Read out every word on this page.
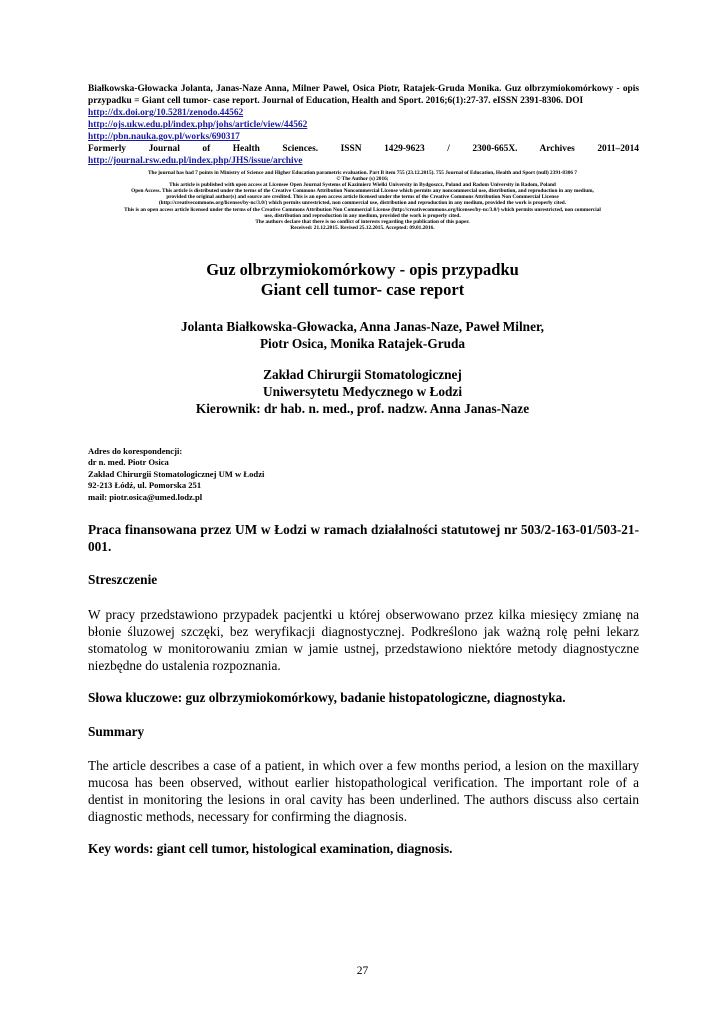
Białkowska-Głowacka Jolanta, Janas-Naze Anna, Milner Paweł, Osica Piotr, Ratajek-Gruda Monika. Guz olbrzymiokomórkowy - opis przypadku = Giant cell tumor- case report. Journal of Education, Health and Sport. 2016;6(1):27-37. eISSN 2391-8306. DOI

http://dx.doi.org/10.5281/zenodo.44562

http://ojs.ukw.edu.pl/index.php/johs/article/view/44562

http://pbn.nauka.gov.pl/works/690317

Formerly Journal of Health Sciences. ISSN 1429-9623 / 2300-665X. Archives 2011–2014

http://journal.rsw.edu.pl/index.php/JHS/issue/archive

The journal has had 7 points in Ministry of Science and Higher Education parametric evaluation. Part B item 755 (23.12.2015). 755 Journal of Education, Health and Sport (null) 2391-8306 7

© The Author (s) 2016;

This article is published with open access at Licensee Open Journal Systems of Kazimierz Wielki University in Bydgoszcz, Poland and Radom University in Radom, Poland

Open Access. This article is distributed under the terms of the Creative Commons Attribution Noncommercial License which permits any noncommercial use, distribution, and reproduction in any medium,

provided the original author(s) and source are credited. This is an open access article licensed under the terms of the Creative Commons Attribution Non Commercial License

(http://creativecommons.org/licenses/by-nc/3.0/) which permits unrestricted, non commercial use, distribution and reproduction in any medium, provided the work is properly cited.

This is an open access article licensed under the terms of the Creative Commons Attribution Non Commercial License (http://creativecommons.org/licenses/by-nc/3.0/) which permits unrestricted, non commercial

use, distribution and reproduction in any medium, provided the work is properly cited.

The authors declare that there is no conflict of interests regarding the publication of this paper.

Received: 21.12.2015. Revised 25.12.2015. Accepted: 09.01.2016.

Guz olbrzymiokomórkowy - opis przypadku

Giant cell tumor- case report

Jolanta Białkowska-Głowacka, Anna Janas-Naze, Paweł Milner,

Piotr Osica, Monika Ratajek-Gruda

Zakład Chirurgii Stomatologicznej

Uniwersytetu Medycznego w Łodzi

Kierownik: dr hab. n. med., prof. nadzw. Anna Janas-Naze

Adres do korespondencji:

dr n. med. Piotr Osica

Zakład Chirurgii Stomatologicznej UM w Łodzi

92-213 Łódź, ul. Pomorska 251

mail: piotr.osica@umed.lodz.pl

Praca finansowana przez UM w Łodzi w ramach działalności statutowej nr 503/2-163-01/503-21-001.

Streszczenie

W pracy przedstawiono przypadek pacjentki u której obserwowano przez kilka miesięcy zmianę na błonie śluzowej szczęki, bez weryfikacji diagnostycznej. Podkreślono jak ważną rolę pełni lekarz stomatolog w monitorowaniu zmian w jamie ustnej, przedstawiono niektóre metody diagnostyczne niezbędne do ustalenia rozpoznania.

Słowa kluczowe: guz olbrzymiokomórkowy, badanie histopatologiczne, diagnostyka.

Summary

The article describes a case of a patient, in which over a few months period, a lesion on the maxillary mucosa has been observed, without earlier histopathological verification. The important role of a dentist in monitoring the lesions in oral cavity has been underlined. The authors discuss also certain diagnostic methods, necessary for confirming the diagnosis.

Key words: giant cell tumor, histological examination, diagnosis.

27
